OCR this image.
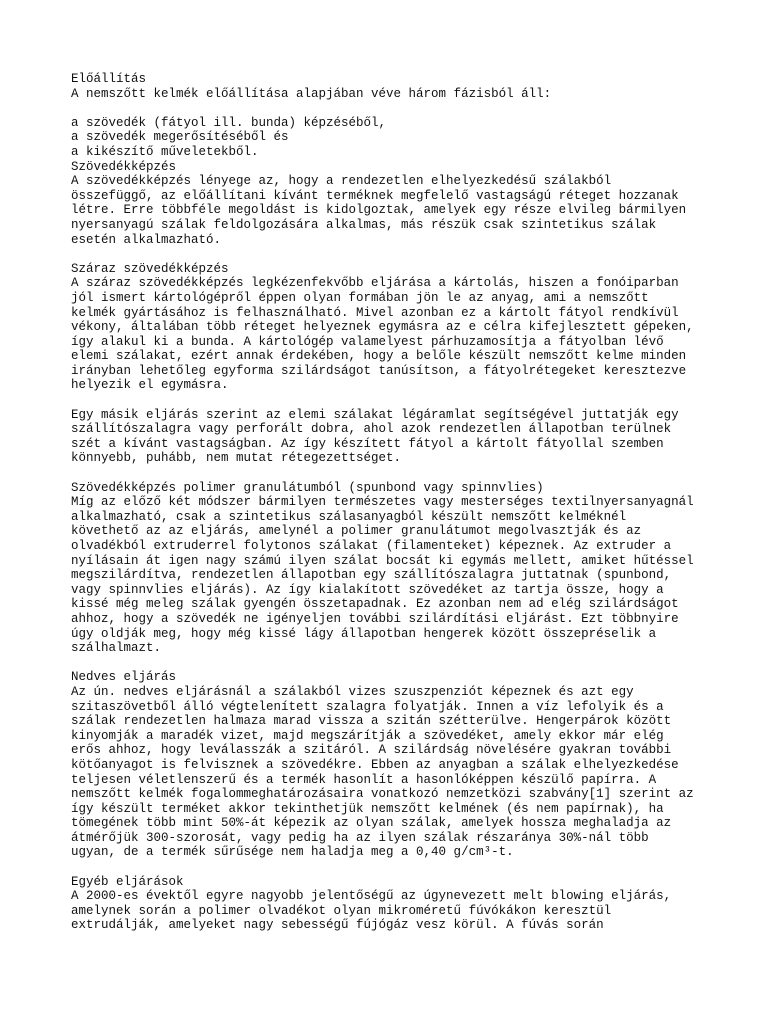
Előállítás
A nemszőtt kelmék előállítása alapjában véve három fázisból áll:
a szövedék (fátyol ill. bunda) képzéséből,
a szövedék megerősítéséből és
a kikészítő műveletekből.
Szövedékképzés
A szövedékképzés lényege az, hogy a rendezetlen elhelyezkedésű szálakból
összefüggő, az előállítani kívánt terméknek megfelelő vastagságú réteget hozzanak
létre. Erre többféle megoldást is kidolgoztak, amelyek egy része elvileg bármilyen
nyersanyagú szálak feldolgozására alkalmas, más részük csak szintetikus szálak
esetén alkalmazható.
Száraz szövedékképzés
A száraz szövedékképzés legkézenfekvőbb eljárása a kártolás, hiszen a fonóiparban
jól ismert kártológépről éppen olyan formában jön le az anyag, ami a nemszőtt
kelmék gyártásához is felhasználható. Mivel azonban ez a kártolt fátyol rendkívül
vékony, általában több réteget helyeznek egymásra az e célra kifejlesztett gépeken,
így alakul ki a bunda. A kártológép valamelyest párhuzamosítja a fátyolban lévő
elemi szálakat, ezért annak érdekében, hogy a belőle készült nemszőtt kelme minden
irányban lehetőleg egyforma szilárdságot tanúsítson, a fátyolrétegeket keresztezve
helyezik el egymásra.
Egy másik eljárás szerint az elemi szálakat légáramlat segítségével juttatják egy
szállítószalagra vagy perforált dobra, ahol azok rendezetlen állapotban terülnek
szét a kívánt vastagságban. Az így készített fátyol a kártolt fátyollal szemben
könnyebb, puhább, nem mutat rétegezettséget.
Szövedékképzés polimer granulátumból (spunbond vagy spinnvlies)
Míg az előző két módszer bármilyen természetes vagy mesterséges textilnyersanyagnál
alkalmazható, csak a szintetikus szálasanyagból készült nemszőtt kelméknél
követhető az az eljárás, amelynél a polimer granulátumot megolvasztják és az
olvadékból extruderrel folytonos szálakat (filamenteket) képeznek. Az extruder a
nyílásain át igen nagy számú ilyen szálat bocsát ki egymás mellett, amiket hűtéssel
megszilárdítva, rendezetlen állapotban egy szállítószalagra juttatnak (spunbond,
vagy spinnvlies eljárás). Az így kialakított szövedéket az tartja össze, hogy a
kissé még meleg szálak gyengén összetapadnak. Ez azonban nem ad elég szilárdságot
ahhoz, hogy a szövedék ne igényeljen további szilárdítási eljárást. Ezt többnyire
úgy oldják meg, hogy még kissé lágy állapotban hengerek között összepréselik a
szálhalmazt.
Nedves eljárás
Az ún. nedves eljárásnál a szálakból vizes szuszpenziót képeznek és azt egy
szitaszövetből álló végtelenített szalagra folyatják. Innen a víz lefolyik és a
szálak rendezetlen halmaza marad vissza a szitán szétterülve. Hengerpárok között
kinyomják a maradék vizet, majd megszárítják a szövedéket, amely ekkor már elég
erős ahhoz, hogy leválasszák a szitáról. A szilárdság növelésére gyakran további
kötőanyagot is felvisznek a szövedékre. Ebben az anyagban a szálak elhelyezkedése
teljesen véletlenszerű és a termék hasonlít a hasonlóképpen készülő papírra. A
nemszőtt kelmék fogalommeghatározásaira vonatkozó nemzetközi szabvány[1] szerint az
így készült terméket akkor tekinthetjük nemszőtt kelmének (és nem papírnak), ha
tömegének több mint 50%-át képezik az olyan szálak, amelyek hossza meghaladja az
átmérőjük 300-szorosát, vagy pedig ha az ilyen szálak részaránya 30%-nál több
ugyan, de a termék sűrűsége nem haladja meg a 0,40 g/cm³-t.
Egyéb eljárások
A 2000-es évektől egyre nagyobb jelentőségű az úgynevezett melt blowing eljárás,
amelynek során a polimer olvadékot olyan mikroméretű fúvókákon keresztül
extrudálják, amelyeket nagy sebességű fújógáz vesz körül. A fúvás során
